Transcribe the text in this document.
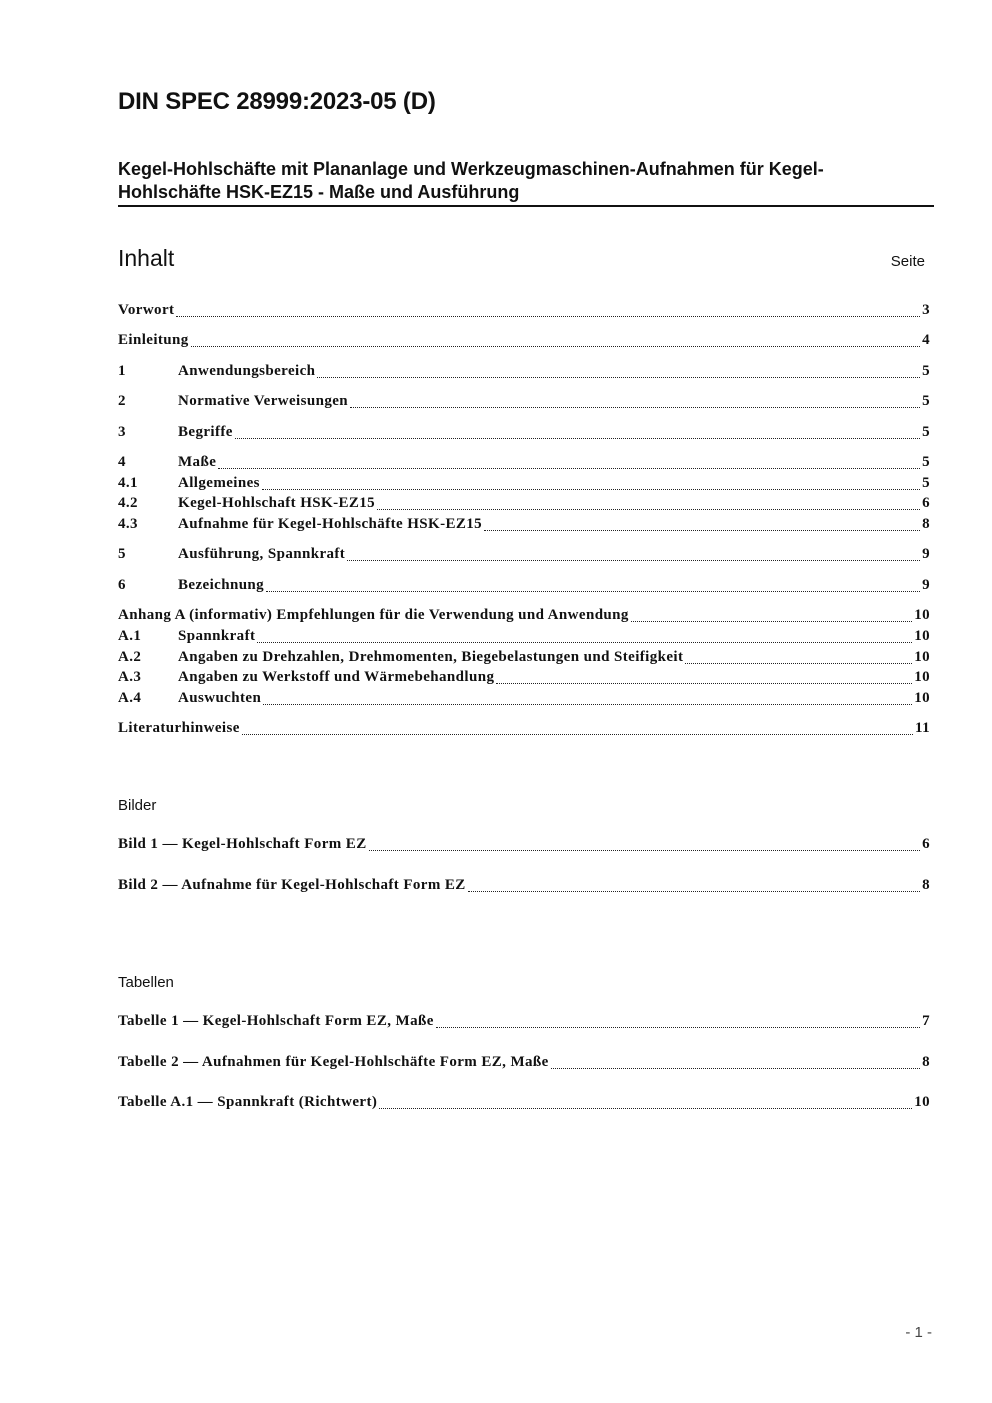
DIN SPEC 28999:2023-05 (D)
Kegel-Hohlschäfte mit Plananlage und Werkzeugmaschinen-Aufnahmen für Kegel-
Hohlschäfte HSK-EZ15 - Maße und Ausführung
Inhalt	Seite
Vorwort	3
Einleitung	4
1	Anwendungsbereich	5
2	Normative Verweisungen	5
3	Begriffe	5
4	Maße	5
4.1	Allgemeines	5
4.2	Kegel-Hohlschaft HSK-EZ15	6
4.3	Aufnahme für Kegel-Hohlschäfte HSK-EZ15	8
5	Ausführung, Spannkraft	9
6	Bezeichnung	9
Anhang A (informativ) Empfehlungen für die Verwendung und Anwendung	10
A.1	Spannkraft	10
A.2	Angaben zu Drehzahlen, Drehmomenten, Biegebelastungen und Steifigkeit	10
A.3	Angaben zu Werkstoff und Wärmebehandlung	10
A.4	Auswuchten	10
Literaturhinweise	11
Bilder
Bild 1 — Kegel-Hohlschaft Form EZ	6
Bild 2 — Aufnahme für Kegel-Hohlschaft Form EZ	8
Tabellen
Tabelle 1 — Kegel-Hohlschaft Form EZ, Maße	7
Tabelle 2 — Aufnahmen für Kegel-Hohlschäfte Form EZ, Maße	8
Tabelle A.1 — Spannkraft (Richtwert)	10
- 1 -
